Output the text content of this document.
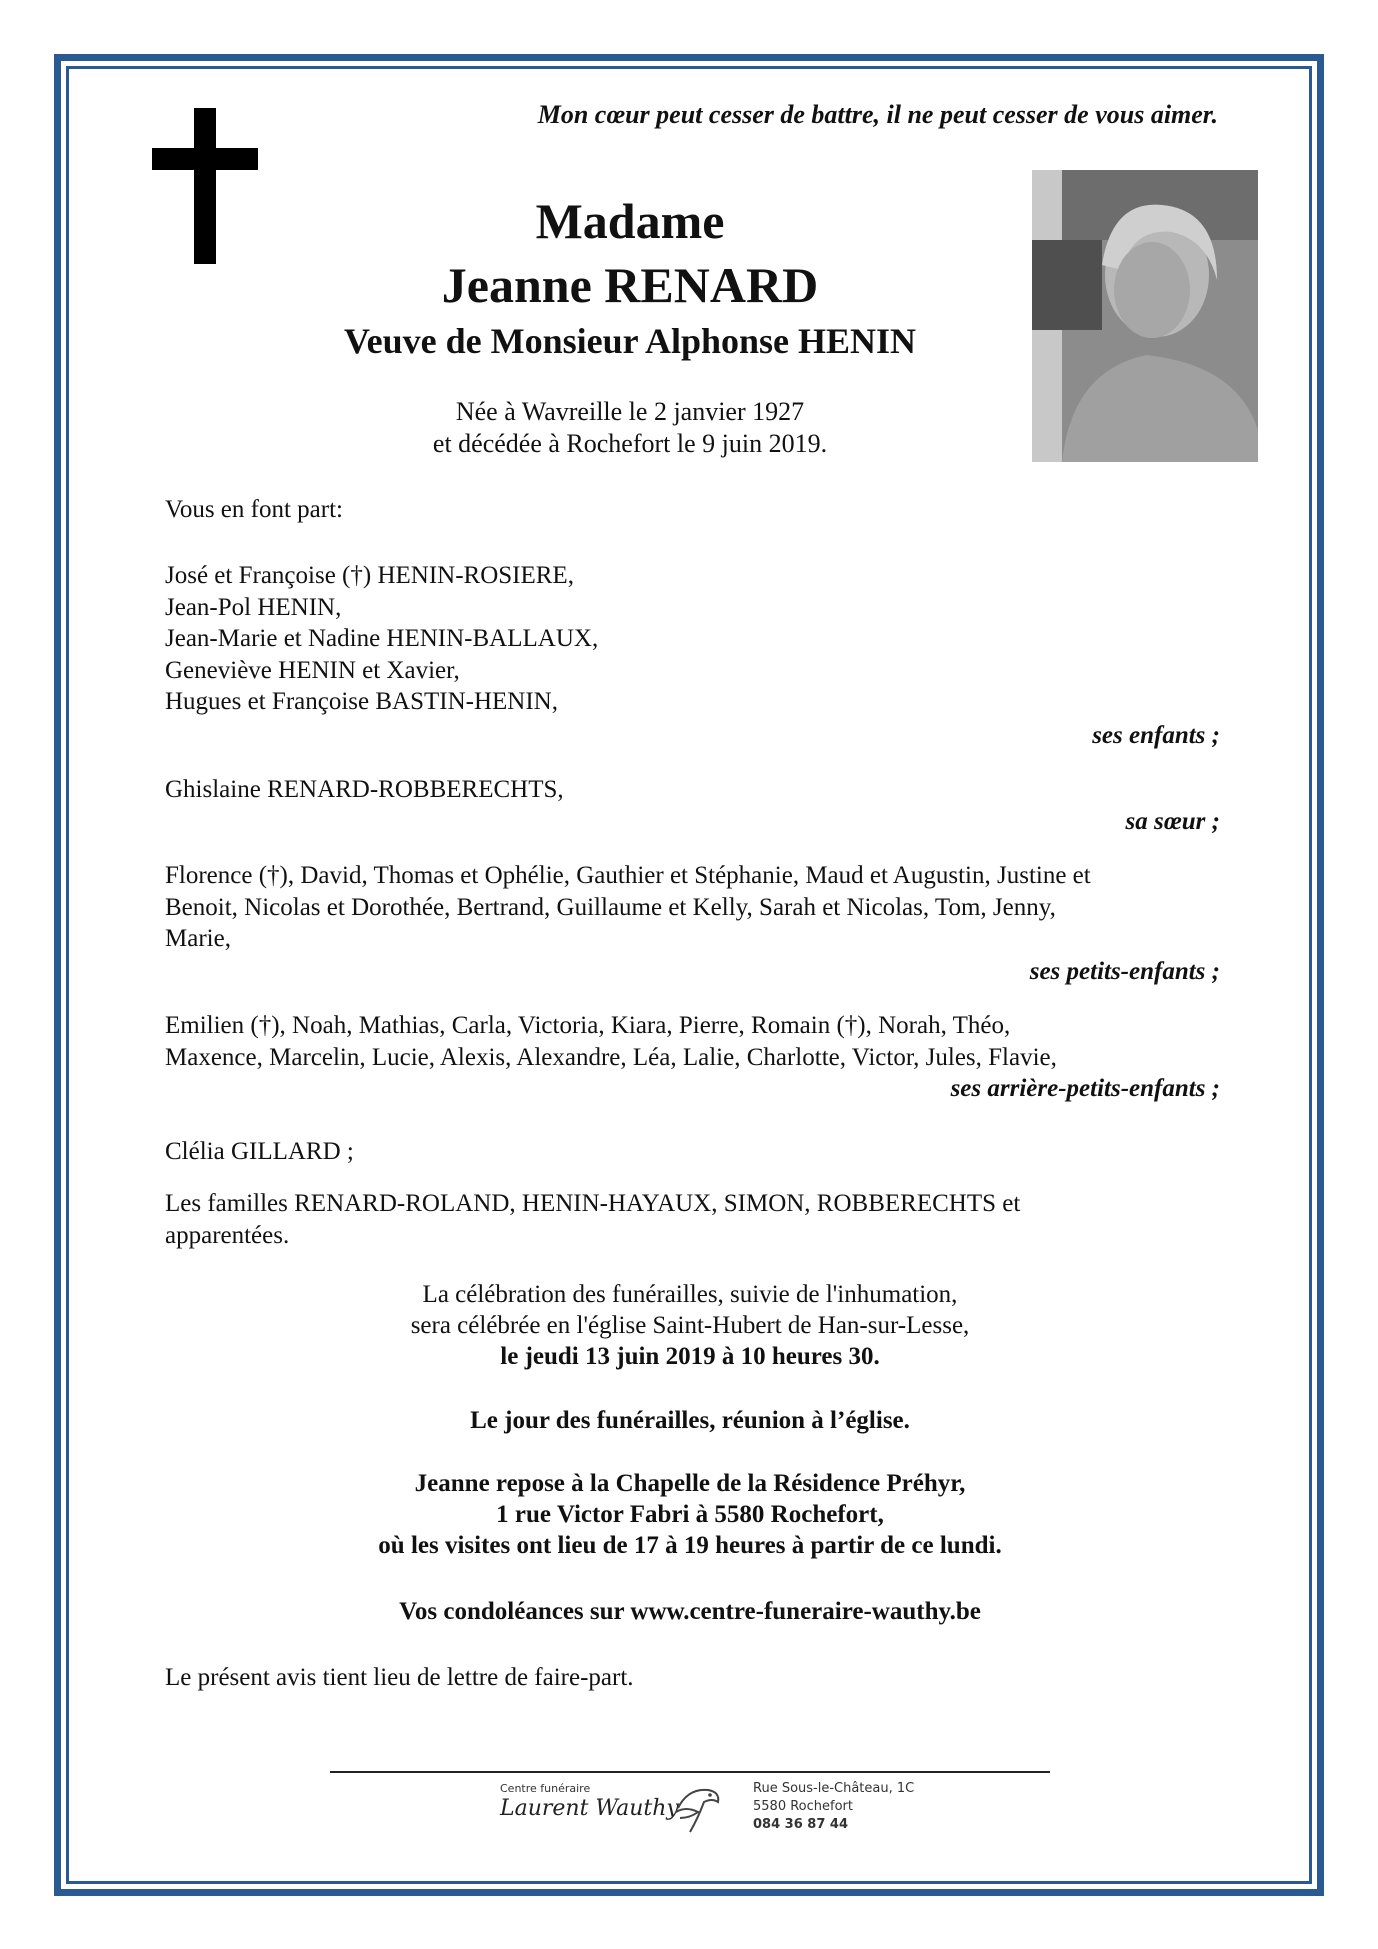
Mon cœur peut cesser de battre, il ne peut cesser de vous aimer.

Madame

Jeanne RENARD

Veuve de Monsieur Alphonse HENIN

Née à Wavreille le 2 janvier 1927
et décédée à Rochefort le 9 juin 2019.

Vous en font part:

José et Françoise (†) HENIN-ROSIERE,
Jean-Pol HENIN,
Jean-Marie et Nadine HENIN-BALLAUX,
Geneviève HENIN et Xavier,
Hugues et Françoise BASTIN-HENIN,

ses enfants ;

Ghislaine RENARD-ROBBERECHTS,

sa sœur ;

Florence (†), David, Thomas et Ophélie, Gauthier et Stéphanie, Maud et Augustin, Justine et
Benoit, Nicolas et Dorothée, Bertrand, Guillaume et Kelly, Sarah et Nicolas, Tom, Jenny,
Marie,

ses petits-enfants ;

Emilien (†), Noah, Mathias, Carla, Victoria, Kiara, Pierre, Romain (†), Norah, Théo,
Maxence, Marcelin, Lucie, Alexis, Alexandre, Léa, Lalie, Charlotte, Victor, Jules, Flavie,

ses arrière-petits-enfants ;

Clélia GILLARD ;

Les familles RENARD-ROLAND, HENIN-HAYAUX, SIMON, ROBBERECHTS et
apparentées.
La célébration des funérailles, suivie de l'inhumation,
sera célébrée en l'église Saint-Hubert de Han-sur-Lesse,
le jeudi 13 juin 2019 à 10 heures 30.

Le jour des funérailles, réunion à l’église.

Jeanne repose à la Chapelle de la Résidence Préhyr,
1 rue Victor Fabri à 5580 Rochefort,
où les visites ont lieu de 17 à 19 heures à partir de ce lundi.

Vos condoléances sur www.centre-funeraire-wauthy.be

Le présent avis tient lieu de lettre de faire-part.

Centre funéraire
Laurent Wauthy
Rue Sous-le-Château, 1C
5580 Rochefort
084 36 87 44
